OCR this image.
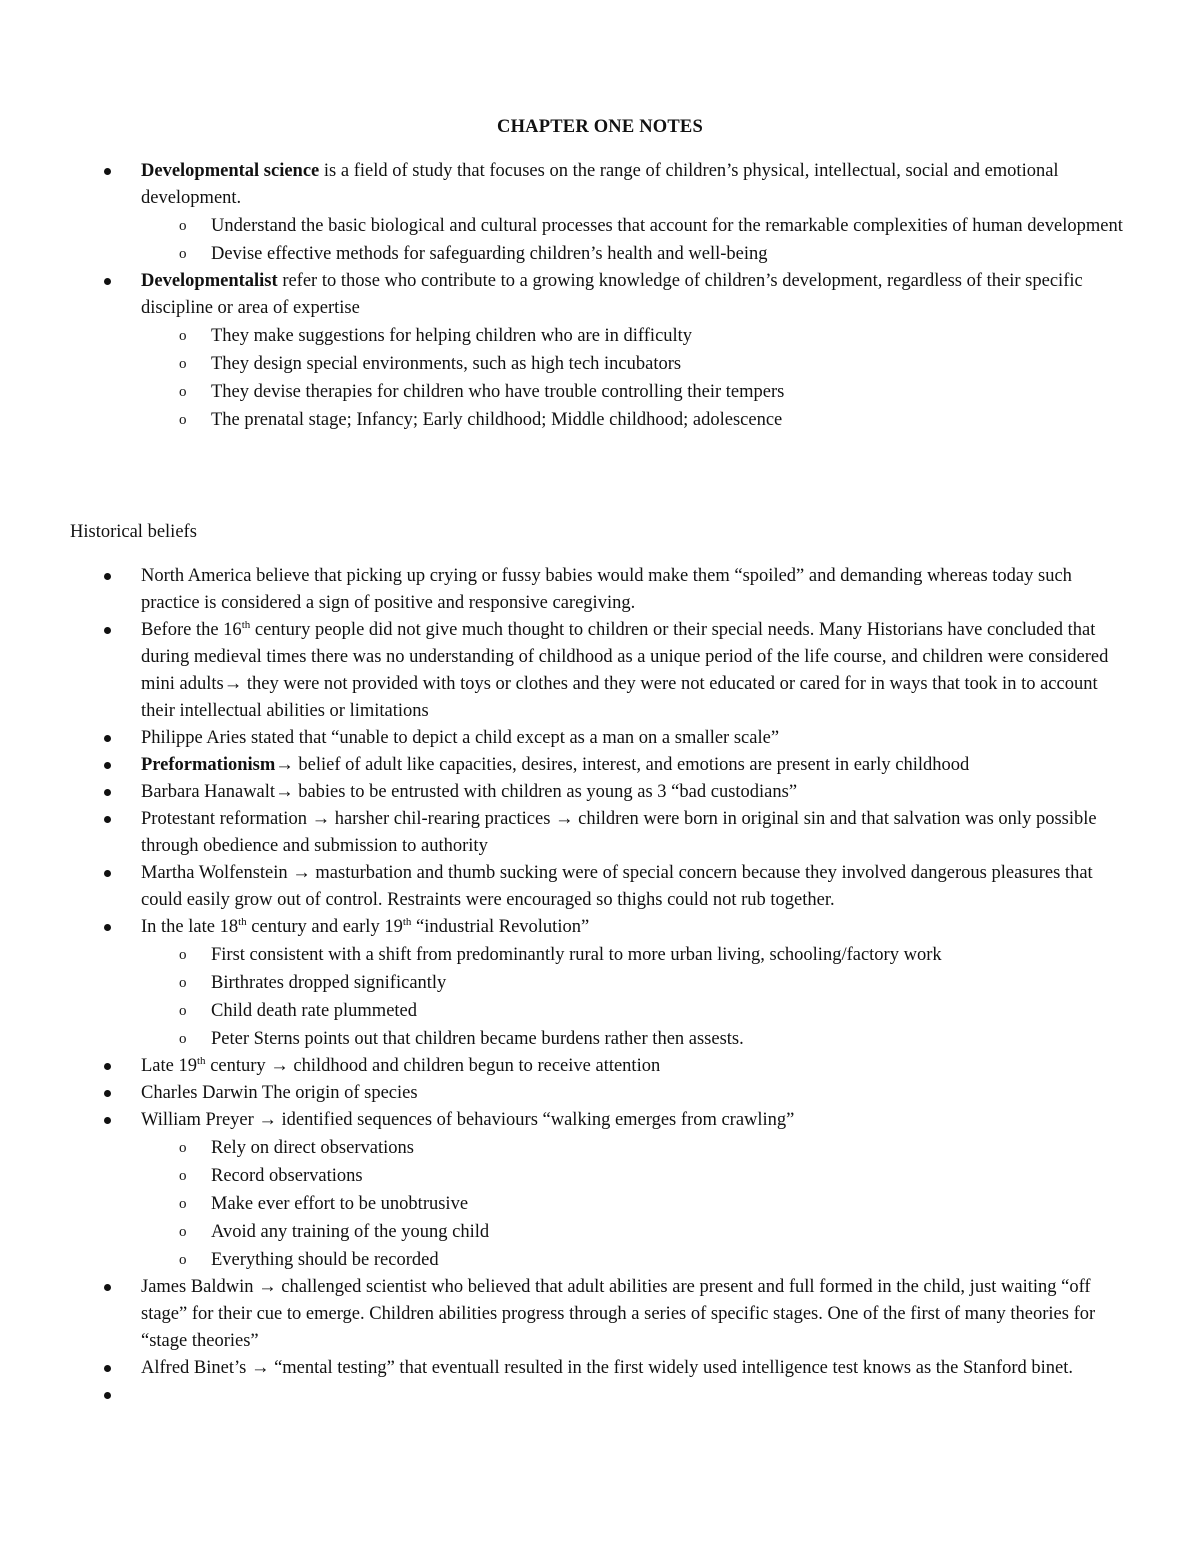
CHAPTER ONE NOTES
Developmental science is a field of study that focuses on the range of children’s physical, intellectual, social and emotional development.
o Understand the basic biological and cultural processes that account for the remarkable complexities of human development
o Devise effective methods for safeguarding children’s health and well-being
Developmentalist refer to those who contribute to a growing knowledge of children’s development, regardless of their specific discipline or area of expertise
o They make suggestions for helping children who are in difficulty
o They design special environments, such as high tech incubators
o They devise therapies for children who have trouble controlling their tempers
o The prenatal stage; Infancy; Early childhood; Middle childhood; adolescence
Historical beliefs
North America believe that picking up crying or fussy babies would make them “spoiled” and demanding whereas today such practice is considered a sign of positive and responsive caregiving.
Before the 16th century people did not give much thought to children or their special needs. Many Historians have concluded that during medieval times there was no understanding of childhood as a unique period of the life course, and children were considered mini adults→ they were not provided with toys or clothes and they were not educated or cared for in ways that took in to account their intellectual abilities or limitations
Philippe Aries stated that “unable to depict a child except as a man on a smaller scale”
Preformationism→ belief of adult like capacities, desires, interest, and emotions are present in early childhood
Barbara Hanawalt→ babies to be entrusted with children as young as 3 “bad custodians”
Protestant reformation → harsher chil-rearing practices → children were born in original sin and that salvation was only possible through obedience and submission to authority
Martha Wolfenstein → masturbation and thumb sucking were of special concern because they involved dangerous pleasures that could easily grow out of control. Restraints were encouraged so thighs could not rub together.
In the late 18th century and early 19th “industrial Revolution”
o First consistent with a shift from predominantly rural to more urban living, schooling/factory work
o Birthrates dropped significantly
o Child death rate plummeted
o Peter Sterns points out that children became burdens rather then assests.
Late 19th century → childhood and children begun to receive attention
Charles Darwin The origin of species
William Preyer → identified sequences of behaviours “walking emerges from crawling”
o Rely on direct observations
o Record observations
o Make ever effort to be unobtrusive
o Avoid any training of the young child
o Everything should be recorded
James Baldwin → challenged scientist who believed that adult abilities are present and full formed in the child, just waiting “off stage” for their cue to emerge. Children abilities progress through a series of specific stages. One of the first of many theories for “stage theories”
Alfred Binet’s → “mental testing” that eventuall resulted in the first widely used intelligence test knows as the Stanford binet.
